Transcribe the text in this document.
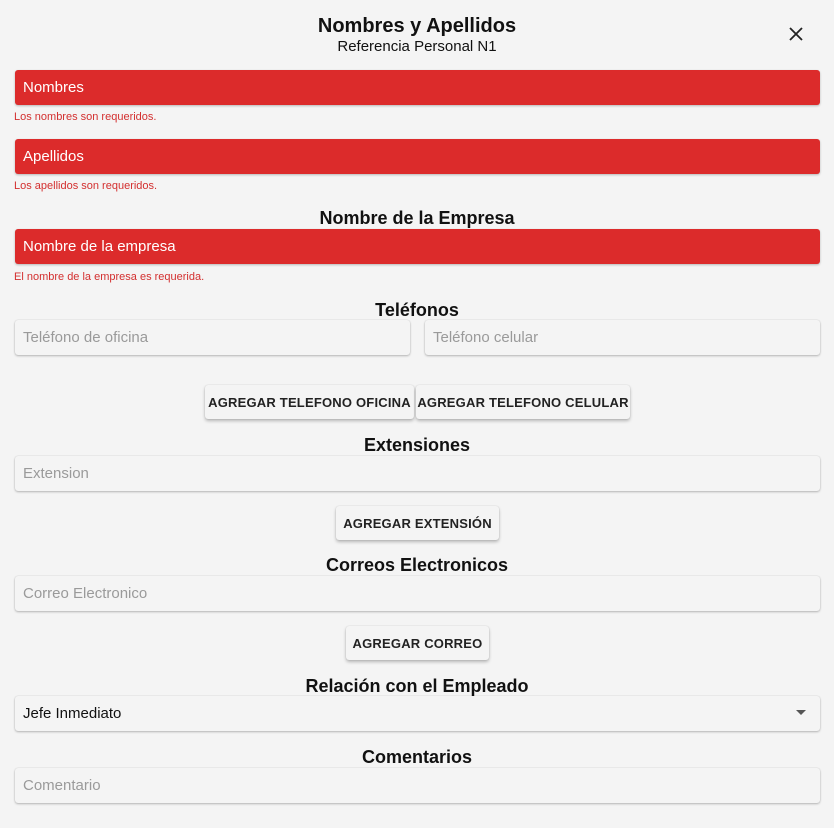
Nombres y Apellidos
Referencia Personal N1
Nombres
Los nombres son requeridos.
Apellidos
Los apellidos son requeridos.
Nombre de la Empresa
Nombre de la empresa
El nombre de la empresa es requerida.
Teléfonos
Teléfono de oficina	Teléfono celular
AGREGAR TELEFONO OFICINA AGREGAR TELEFONO CELULAR
Extensiones
Extension
AGREGAR EXTENSIÓN
Correos Electronicos
Correo Electronico
AGREGAR CORREO
Relación con el Empleado
Jefe Inmediato
Comentarios
Comentario
